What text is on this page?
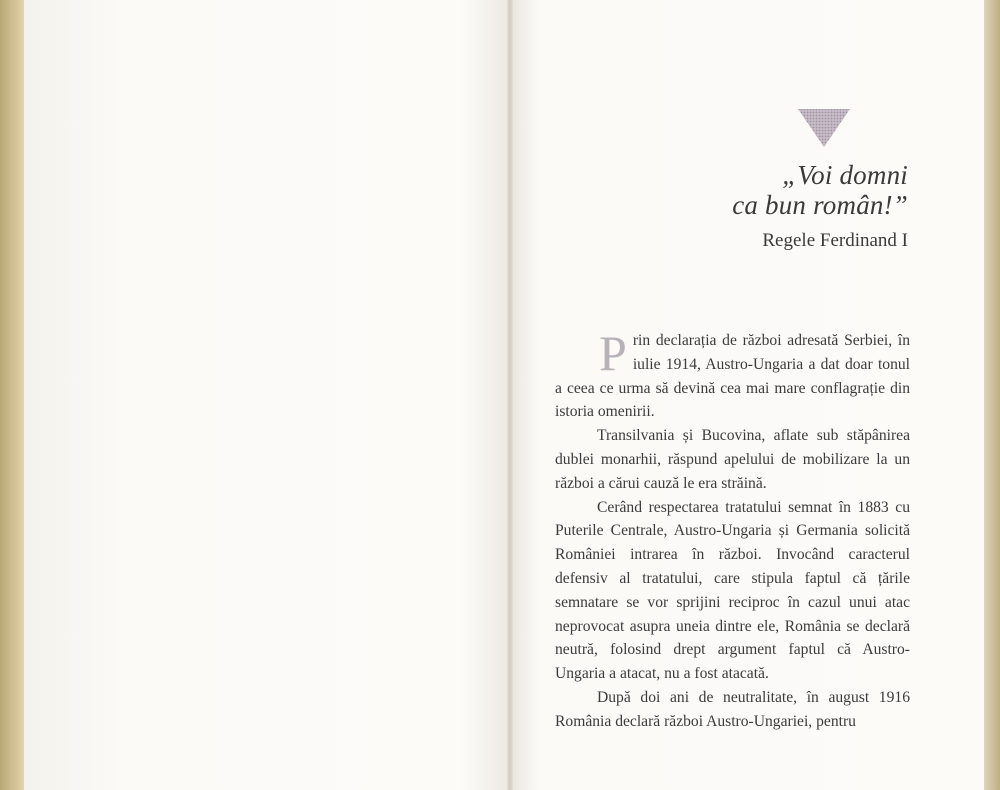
„Voi domni
ca bun român!”
Regele Ferdinand I

Prin declarația de război adresată Serbiei, în iulie 1914, Austro-Ungaria a dat doar tonul a ceea ce urma să devină cea mai mare conflagrație din istoria omenirii.

Transilvania și Bucovina, aflate sub stăpânirea dublei monarhii, răspund apelului de mobilizare la un război a cărui cauză le era străină.

Cerând respectarea tratatului semnat în 1883 cu Puterile Centrale, Austro-Ungaria și Germania solicită României intrarea în război. Invocând caracterul defensiv al tratatului, care stipula faptul că țările semnatare se vor sprijini reciproc în cazul unui atac neprovocat asupra uneia dintre ele, România se declară neutră, folosind drept argument faptul că Austro-Ungaria a atacat, nu a fost atacată.

După doi ani de neutralitate, în august 1916 România declară război Austro-Ungariei, pentru
